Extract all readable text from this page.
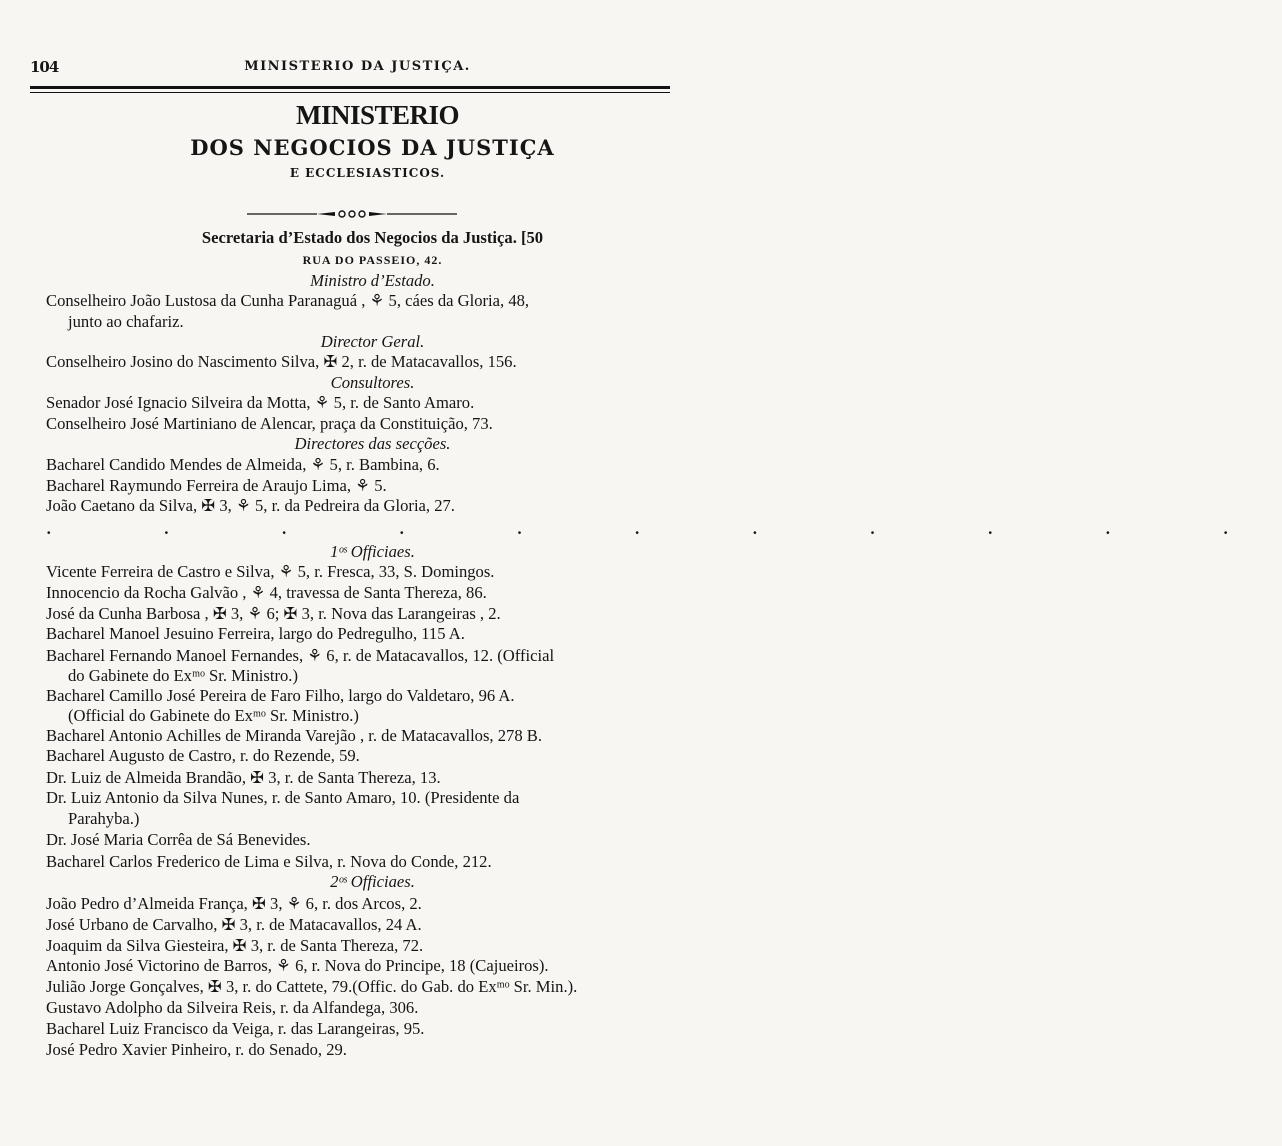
104	MINISTERIO DA JUSTIÇA.
MINISTERIO
DOS NEGOCIOS DA JUSTIÇA
E ECCLESIASTICOS.
Secretaria d’Estado dos Negocios da Justiça. [50
RUA DO PASSEIO, 42.
Ministro d’Estado.
Conselheiro João Lustosa da Cunha Paranaguá , ⚘ 5, cáes da Gloria, 48,
junto ao chafariz.
Director Geral.
Conselheiro Josino do Nascimento Silva, ✠ 2, r. de Matacavallos, 156.
Consultores.
Senador José Ignacio Silveira da Motta, ⚘ 5, r. de Santo Amaro.
Conselheiro José Martiniano de Alencar, praça da Constituição, 73.
Directores das secções.
Bacharel Candido Mendes de Almeida, ⚘ 5, r. Bambina, 6.
Bacharel Raymundo Ferreira de Araujo Lima, ⚘ 5.
João Caetano da Silva, ✠ 3, ⚘ 5, r. da Pedreira da Gloria, 27.
· · · · · · · · · · ·
1ᵒˢ Officiaes.
Vicente Ferreira de Castro e Silva, ⚘ 5, r. Fresca, 33, S. Domingos.
Innocencio da Rocha Galvão , ⚘ 4, travessa de Santa Thereza, 86.
José da Cunha Barbosa , ✠ 3, ⚘ 6; ✠ 3, r. Nova das Larangeiras , 2.
Bacharel Manoel Jesuino Ferreira, largo do Pedregulho, 115 A.
Bacharel Fernando Manoel Fernandes, ⚘ 6, r. de Matacavallos, 12. (Official
do Gabinete do Exᵐᵒ Sr. Ministro.)
Bacharel Camillo José Pereira de Faro Filho, largo do Valdetaro, 96 A.
(Official do Gabinete do Exᵐᵒ Sr. Ministro.)
Bacharel Antonio Achilles de Miranda Varejão , r. de Matacavallos, 278 B.
Bacharel Augusto de Castro, r. do Rezende, 59.
Dr. Luiz de Almeida Brandão, ✠ 3, r. de Santa Thereza, 13.
Dr. Luiz Antonio da Silva Nunes, r. de Santo Amaro, 10. (Presidente da
Parahyba.)
Dr. José Maria Corrêa de Sá Benevides.
Bacharel Carlos Frederico de Lima e Silva, r. Nova do Conde, 212.
2ᵒˢ Officiaes.
João Pedro d’Almeida França, ✠ 3, ⚘ 6, r. dos Arcos, 2.
José Urbano de Carvalho, ✠ 3, r. de Matacavallos, 24 A.
Joaquim da Silva Giesteira, ✠ 3, r. de Santa Thereza, 72.
Antonio José Victorino de Barros, ⚘ 6, r. Nova do Principe, 18 (Cajueiros).
Julião Jorge Gonçalves, ✠ 3, r. do Cattete, 79.(Offic. do Gab. do Exᵐᵒ Sr. Min.).
Gustavo Adolpho da Silveira Reis, r. da Alfandega, 306.
Bacharel Luiz Francisco da Veiga, r. das Larangeiras, 95.
José Pedro Xavier Pinheiro, r. do Senado, 29.
